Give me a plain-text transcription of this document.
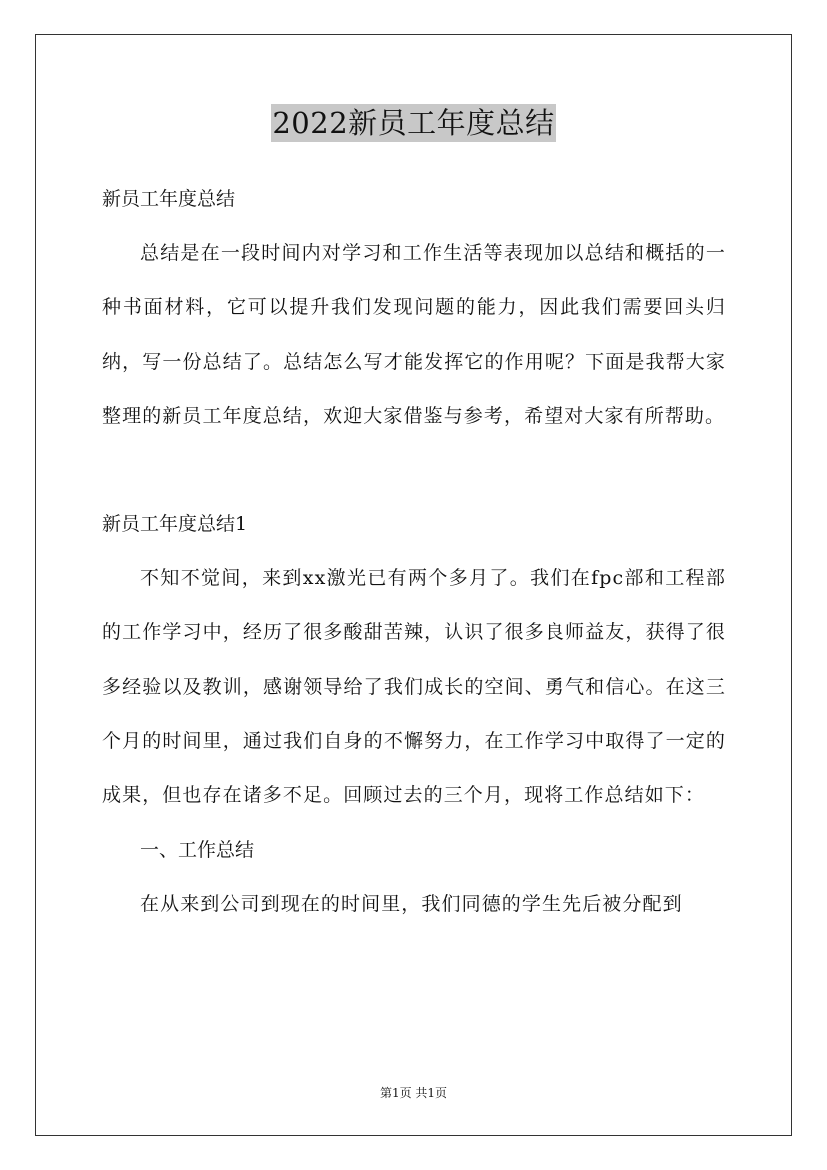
2022新员工年度总结

新员工年度总结

总结是在一段时间内对学习和工作生活等表现加以总结和概括的一种书面材料，它可以提升我们发现问题的能力，因此我们需要回头归纳，写一份总结了。总结怎么写才能发挥它的作用呢？下面是我帮大家整理的新员工年度总结，欢迎大家借鉴与参考，希望对大家有所帮助。

新员工年度总结1

不知不觉间，来到xx激光已有两个多月了。我们在fpc部和工程部的工作学习中，经历了很多酸甜苦辣，认识了很多良师益友，获得了很多经验以及教训，感谢领导给了我们成长的空间、勇气和信心。在这三个月的时间里，通过我们自身的不懈努力，在工作学习中取得了一定的成果，但也存在诸多不足。回顾过去的三个月，现将工作总结如下：

一、工作总结

在从来到公司到现在的时间里，我们同德的学生先后被分配到

第1页 共1页
